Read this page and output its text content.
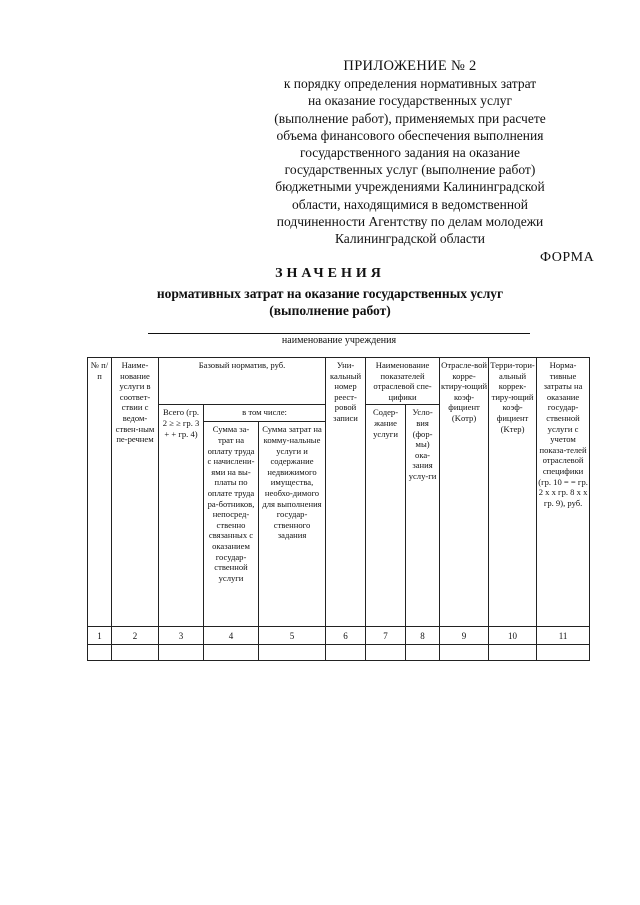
ПРИЛОЖЕНИЕ № 2
к порядку определения нормативных затрат
на оказание государственных услуг
(выполнение работ), применяемых при расчете
объема финансового обеспечения выполнения
государственного задания на оказание
государственных услуг (выполнение работ)
бюджетными учреждениями Калининградской
области, находящимися в ведомственной
подчиненности Агентству по делам молодежи
Калининградской области
ФОРМА
ЗНАЧЕНИЯ
нормативных затрат на оказание государственных услуг
(выполнение работ)
наименование учреждения
№ п/п	Наиме-нование услуги в соответ-ствии с ведом-ствен-ным пе-речнем	Базовый норматив, руб.			Уни-кальный номер реест-ровой записи	Наименование показателей отраслевой спе-цифики		Отрасле-вой корре-ктиру-ющий коэф-фициент (Kотр)	Терри-тори-альный коррек-тиру-ющий коэф-фициент (Kтер)	Норма-тивные затраты на оказание государ-ственной услуги с учетом показа-телей отраслевой специфики (гр. 10 = = гр. 2 х х гр. 8 х х гр. 9), руб.
		Всего (гр. 2 ≥ ≥ гр. 3 + + гр. 4)	в том числе:			Содер-жание услуги	Усло-вия (фор-мы) ока-зания услу-ги			
			Сумма за-трат на оплату труда с начислени-ями на вы-платы по оплате труда ра-ботников, непосред-ственно связанных с оказанием государ-ственной услуги	Сумма затрат на комму-нальные услуги и содержание недвижимого имущества, необхо-димого для выполнения государ-ственного задания						
1	2	3	4	5	6	7	8	9	10	11
